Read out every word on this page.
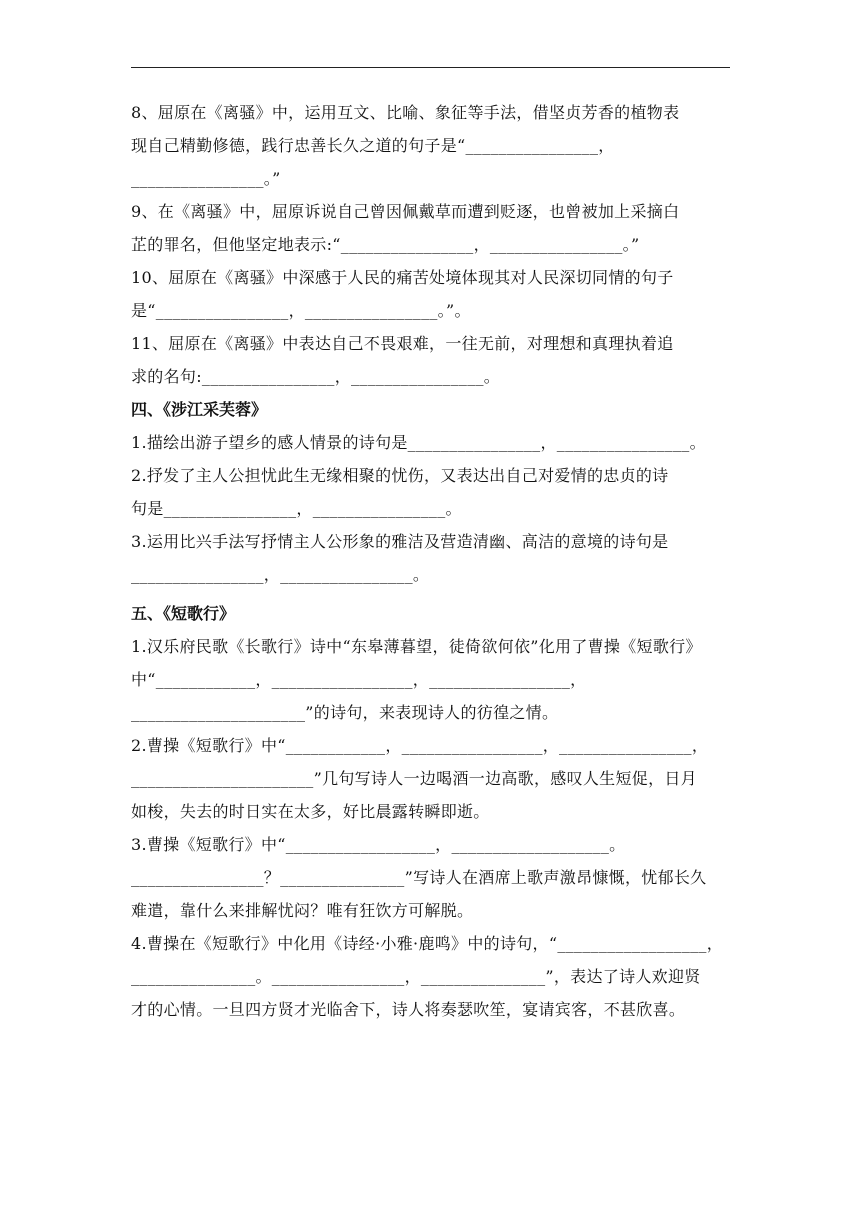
8、屈原在《离骚》中，运用互文、比喻、象征等手法，借坚贞芳香的植物表
现自己精勤修德，践行忠善长久之道的句子是“________________，
________________。”
9、在《离骚》中，屈原诉说自己曾因佩戴草而遭到贬逐，也曾被加上采摘白
芷的罪名，但他坚定地表示:“________________，________________。”
10、屈原在《离骚》中深感于人民的痛苦处境体现其对人民深切同情的句子
是“________________，________________。”。
11、屈原在《离骚》中表达自己不畏艰难，一往无前，对理想和真理执着追
求的名句:________________，________________。
四、《涉江采芙蓉》
1.描绘出游子望乡的感人情景的诗句是________________，________________。
2.抒发了主人公担忧此生无缘相聚的忧伤，又表达出自己对爱情的忠贞的诗
句是________________，________________。
3.运用比兴手法写抒情主人公形象的雅洁及营造清幽、高洁的意境的诗句是
________________，________________。
五、《短歌行》
1.汉乐府民歌《长歌行》诗中“东皋薄暮望，徒倚欲何依”化用了曹操《短歌行》
中“____________，_________________，_________________，
_____________________”的诗句，来表现诗人的彷徨之情。
2.曹操《短歌行》中“____________，_________________，________________，
______________________”几句写诗人一边喝酒一边高歌，感叹人生短促，日月
如梭，失去的时日实在太多，好比晨露转瞬即逝。
3.曹操《短歌行》中“__________________，___________________。
________________？_______________”写诗人在酒席上歌声激昂慷慨，忧郁长久
难遣，靠什么来排解忧闷？唯有狂饮方可解脱。
4.曹操在《短歌行》中化用《诗经·小雅·鹿鸣》中的诗句，“__________________，
_______________。________________，_______________”，表达了诗人欢迎贤
才的心情。一旦四方贤才光临舍下，诗人将奏瑟吹笙，宴请宾客，不甚欣喜。
